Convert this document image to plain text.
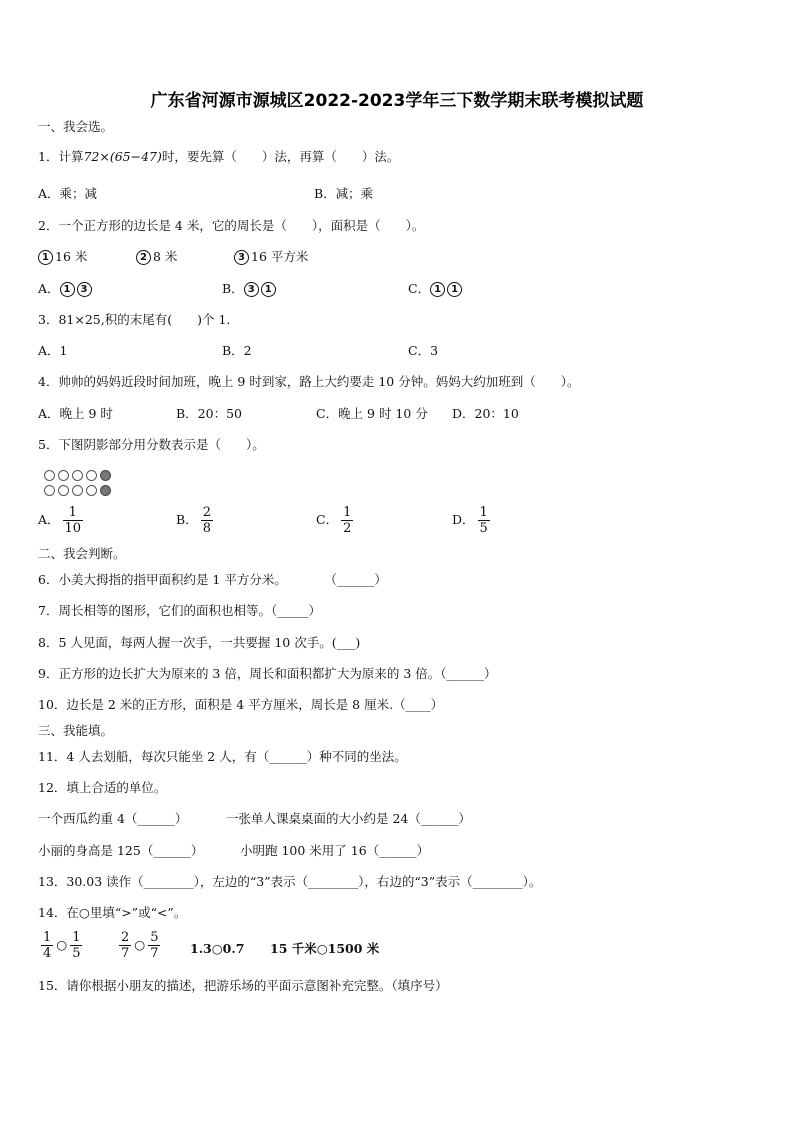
广东省河源市源城区2022-2023学年三下数学期末联考模拟试题
一、我会选。
1．计算72×(65−47)时，要先算（　　）法，再算（　　）法。
A．乘；减	B．减；乘
2．一个正方形的边长是 4 米，它的周长是（　　），面积是（　　）。
1 16 米	2 8 米	3 16 平方米
A． 1 3	B． 3 1	C． 1 1
3．81×25,积的末尾有(　　)个 1.
A．1	B．2	C．3
4．帅帅的妈妈近段时间加班，晚上 9 时到家，路上大约要走 10 分钟。妈妈大约加班到（　　）。
A．晚上 9 时	B．20：50	C．晚上 9 时 10 分 D．20：10
5．下图阴影部分用分数表示是（　　）。
A． $\frac{1}{10}$	B． $\frac{2}{8}$	C． $\frac{1}{2}$	D． $\frac{1}{5}$
二、我会判断。
6．小美大拇指的指甲面积约是 1 平方分米。　　　　（______）
7．周长相等的图形，它们的面积也相等。（_____）
8．5 人见面，每两人握一次手，一共要握 10 次手。(___)
9．正方形的边长扩大为原来的 3 倍，周长和面积都扩大为原来的 3 倍。（______）
10．边长是 2 米的正方形，面积是 4 平方厘米，周长是 8 厘米.（____）
三、我能填。
11．4 人去划船，每次只能坐 2 人，有（______）种不同的坐法。
12．填上合适的单位。
一个西瓜约重 4（______）	一张单人课桌桌面的大小约是 24（______）
小丽的身高是 125（______）	小明跑 100 米用了 16（______）
13．30.03 读作（________），左边的“3”表示（________），右边的“3”表示（________）。
14．在○里填“>”或“<”。
$\frac{1}{4}$ ○ $\frac{1}{5}$	$\frac{2}{7}$ ○ $\frac{5}{7}$ 1.3○0.7 15 千米○1500 米
15．请你根据小朋友的描述，把游乐场的平面示意图补充完整。（填序号）
